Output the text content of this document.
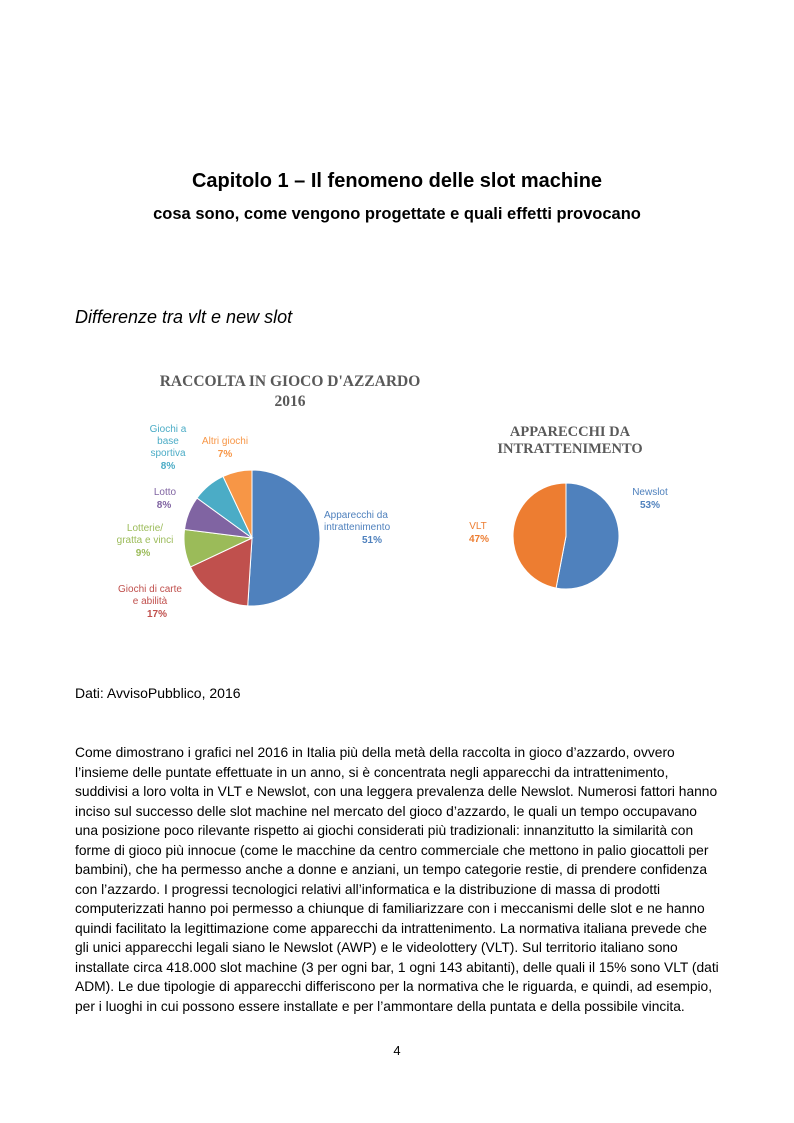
Capitolo 1 – Il fenomeno delle slot machine
cosa sono, come vengono progettate e quali effetti provocano
Differenze tra vlt e new slot
RACCOLTA IN GIOCO D'AZZARDO
2016
APPARECCHI DA
INTRATTENIMENTO
Apparecchi da
intrattenimento
51%
Giochi di carte
e abilità
17%
Lotterie/
gratta e vinci
9%
Lotto
8%
Giochi a
base
sportiva
8%
Altri giochi
7%
Newslot
53%
VLT
47%
Dati: AvvisoPubblico, 2016
Come dimostrano i grafici nel 2016 in Italia più della metà della raccolta in gioco d’azzardo, ovvero l’insieme delle puntate effettuate in un anno, si è concentrata negli apparecchi da intrattenimento, suddivisi a loro volta in VLT e Newslot, con una leggera prevalenza delle Newslot. Numerosi fattori hanno inciso sul successo delle slot machine nel mercato del gioco d’azzardo, le quali un tempo occupavano una posizione poco rilevante rispetto ai giochi considerati più tradizionali: innanzitutto la similarità con forme di gioco più innocue (come le macchine da centro commerciale che mettono in palio giocattoli per bambini), che ha permesso anche a donne e anziani, un tempo categorie restie, di prendere confidenza con l’azzardo. I progressi tecnologici relativi all’informatica e la distribuzione di massa di prodotti computerizzati hanno poi permesso a chiunque di familiarizzare con i meccanismi delle slot e ne hanno quindi facilitato la legittimazione come apparecchi da intrattenimento. La normativa italiana prevede che gli unici apparecchi legali siano le Newslot (AWP) e le videolottery (VLT). Sul territorio italiano sono installate circa 418.000 slot machine (3 per ogni bar, 1 ogni 143 abitanti), delle quali il 15% sono VLT (dati ADM). Le due tipologie di apparecchi differiscono per la normativa che le riguarda, e quindi, ad esempio, per i luoghi in cui possono essere installate e per l’ammontare della puntata e della possibile vincita.
4
